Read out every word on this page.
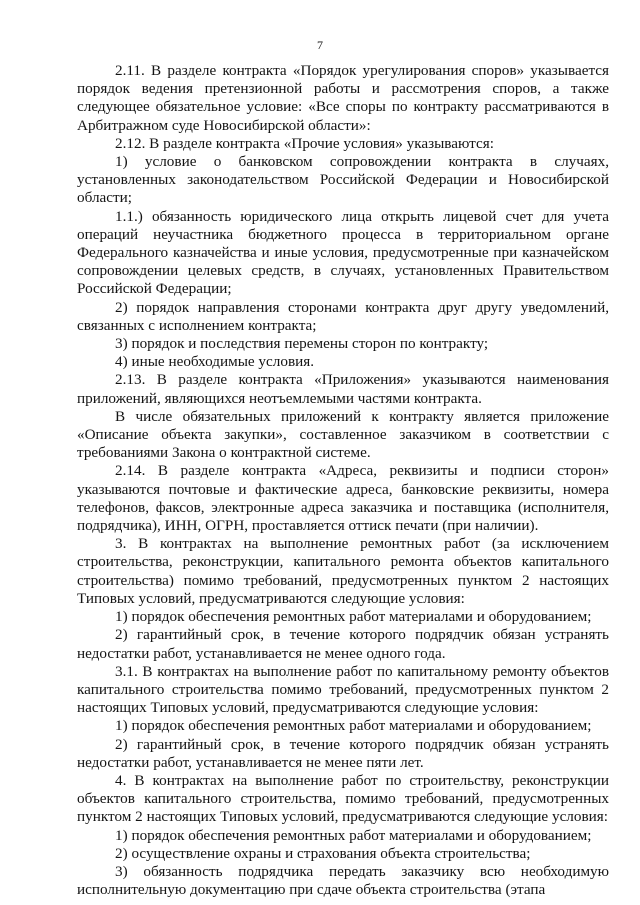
7

2.11. В разделе контракта «Порядок урегулирования споров» указывается порядок ведения претензионной работы и рассмотрения споров, а также следующее обязательное условие: «Все споры по контракту рассматриваются в Арбитражном суде Новосибирской области»:

2.12. В разделе контракта «Прочие условия» указываются:

1) условие о банковском сопровождении контракта в случаях, установленных законодательством Российской Федерации и Новосибирской области;

1.1.) обязанность юридического лица открыть лицевой счет для учета операций неучастника бюджетного процесса в территориальном органе Федерального казначейства и иные условия, предусмотренные при казначейском сопровождении целевых средств, в случаях, установленных Правительством Российской Федерации;

2) порядок направления сторонами контракта друг другу уведомлений, связанных с исполнением контракта;

3) порядок и последствия перемены сторон по контракту;

4) иные необходимые условия.

2.13. В разделе контракта «Приложения» указываются наименования приложений, являющихся неотъемлемыми частями контракта.

В числе обязательных приложений к контракту является приложение «Описание объекта закупки», составленное заказчиком в соответствии с требованиями Закона о контрактной системе.

2.14. В разделе контракта «Адреса, реквизиты и подписи сторон» указываются почтовые и фактические адреса, банковские реквизиты, номера телефонов, факсов, электронные адреса заказчика и поставщика (исполнителя, подрядчика), ИНН, ОГРН, проставляется оттиск печати (при наличии).

3. В контрактах на выполнение ремонтных работ (за исключением строительства, реконструкции, капитального ремонта объектов капитального строительства) помимо требований, предусмотренных пунктом 2 настоящих Типовых условий, предусматриваются следующие условия:

1) порядок обеспечения ремонтных работ материалами и оборудованием;

2) гарантийный срок, в течение которого подрядчик обязан устранять недостатки работ, устанавливается не менее одного года.

3.1. В контрактах на выполнение работ по капитальному ремонту объектов капитального строительства помимо требований, предусмотренных пунктом 2 настоящих Типовых условий, предусматриваются следующие условия:

1) порядок обеспечения ремонтных работ материалами и оборудованием;

2) гарантийный срок, в течение которого подрядчик обязан устранять недостатки работ, устанавливается не менее пяти лет.

4. В контрактах на выполнение работ по строительству, реконструкции объектов капитального строительства, помимо требований, предусмотренных пунктом 2 настоящих Типовых условий, предусматриваются следующие условия:

1) порядок обеспечения ремонтных работ материалами и оборудованием;

2) осуществление охраны и страхования объекта строительства;

3) обязанность подрядчика передать заказчику всю необходимую исполнительную документацию при сдаче объекта строительства (этапа
